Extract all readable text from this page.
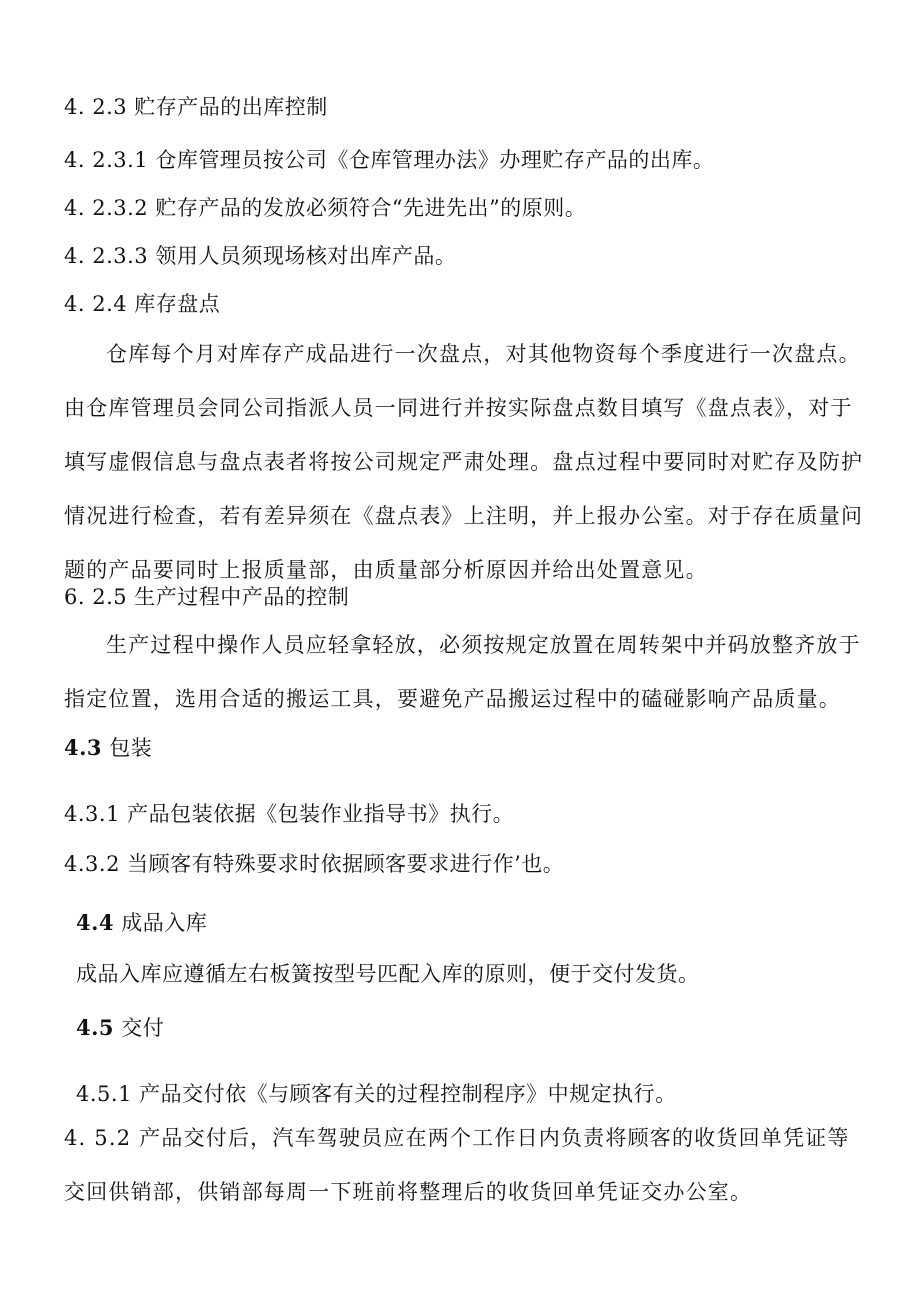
4. 2.3 贮存产品的出库控制
4. 2.3.1 仓库管理员按公司《仓库管理办法》办理贮存产品的出库。
4. 2.3.2 贮存产品的发放必须符合“先进先出”的原则。
4. 2.3.3 领用人员须现场核对出库产品。
4. 2.4 库存盘点

仓库每个月对库存产成品进行一次盘点，对其他物资每个季度进行一次盘点。由仓库管理员会同公司指派人员一同进行并按实际盘点数目填写《盘点表》，对于填写虚假信息与盘点表者将按公司规定严肃处理。盘点过程中要同时对贮存及防护情况进行检查，若有差异须在《盘点表》上注明，并上报办公室。对于存在质量问题的产品要同时上报质量部，由质量部分析原因并给出处置意见。

6. 2.5 生产过程中产品的控制

生产过程中操作人员应轻拿轻放，必须按规定放置在周转架中并码放整齐放于指定位置，选用合适的搬运工具，要避免产品搬运过程中的磕碰影响产品质量。

4.3 包装
4.3.1 产品包装依据《包装作业指导书》执行。
4.3.2 当顾客有特殊要求时依据顾客要求进行作’也。
4.4 成品入库
成品入库应遵循左右板簧按型号匹配入库的原则，便于交付发货。
4.5 交付
4.5.1 产品交付依《与顾客有关的过程控制程序》中规定执行。

4. 5.2 产品交付后，汽车驾驶员应在两个工作日内负责将顾客的收货回单凭证等交回供销部，供销部每周一下班前将整理后的收货回单凭证交办公室。
